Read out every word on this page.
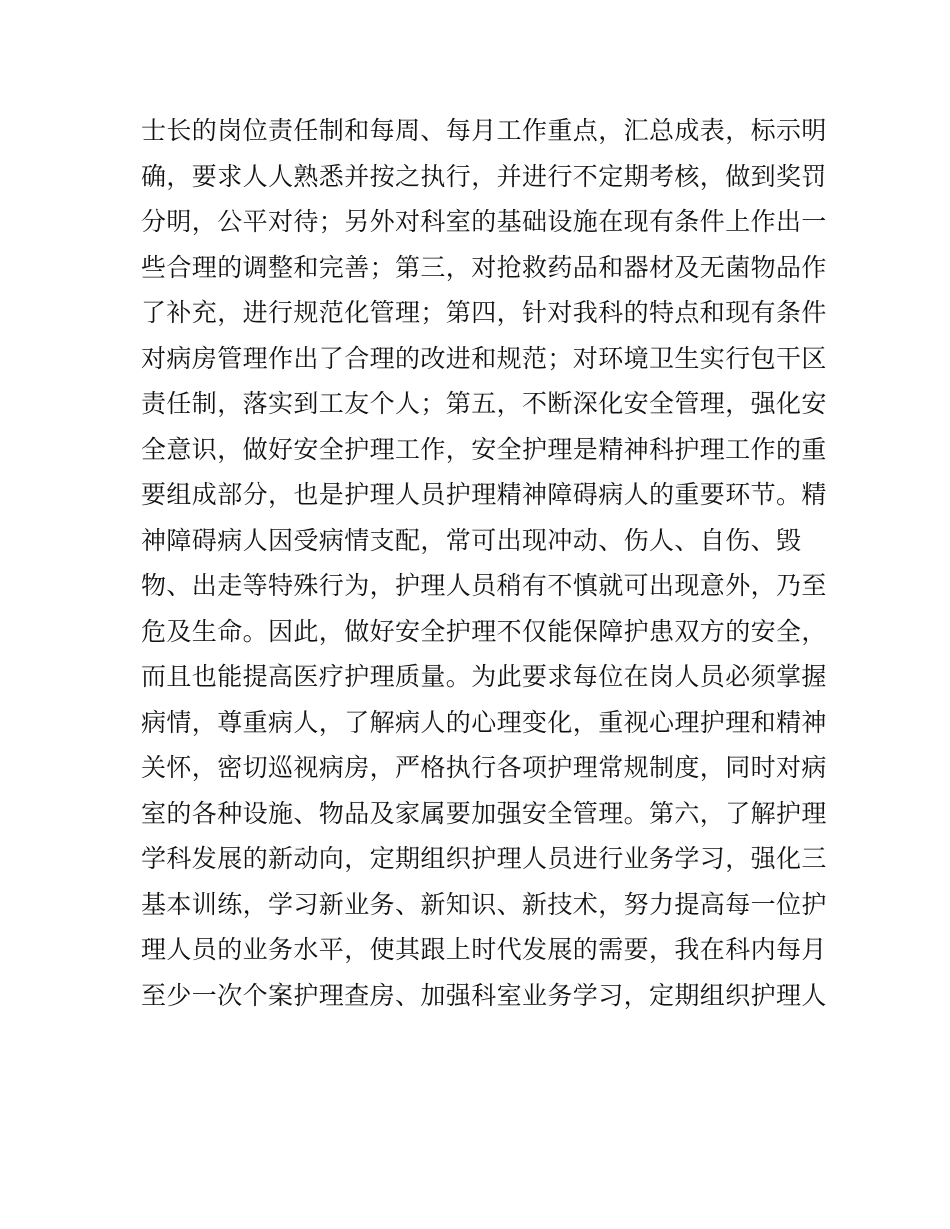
士长的岗位责任制和每周、每月工作重点，汇总成表，标示明
确，要求人人熟悉并按之执行，并进行不定期考核，做到奖罚
分明，公平对待；另外对科室的基础设施在现有条件上作出一
些合理的调整和完善；第三，对抢救药品和器材及无菌物品作
了补充，进行规范化管理；第四，针对我科的特点和现有条件
对病房管理作出了合理的改进和规范；对环境卫生实行包干区
责任制，落实到工友个人；第五，不断深化安全管理，强化安
全意识，做好安全护理工作，安全护理是精神科护理工作的重
要组成部分，也是护理人员护理精神障碍病人的重要环节。精
神障碍病人因受病情支配，常可出现冲动、伤人、自伤、毁
物、出走等特殊行为，护理人员稍有不慎就可出现意外，乃至
危及生命。因此，做好安全护理不仅能保障护患双方的安全，
而且也能提高医疗护理质量。为此要求每位在岗人员必须掌握
病情，尊重病人，了解病人的心理变化，重视心理护理和精神
关怀，密切巡视病房，严格执行各项护理常规制度，同时对病
室的各种设施、物品及家属要加强安全管理。第六，了解护理
学科发展的新动向，定期组织护理人员进行业务学习，强化三
基本训练，学习新业务、新知识、新技术，努力提高每一位护
理人员的业务水平，使其跟上时代发展的需要，我在科内每月
至少一次个案护理查房、加强科室业务学习，定期组织护理人
